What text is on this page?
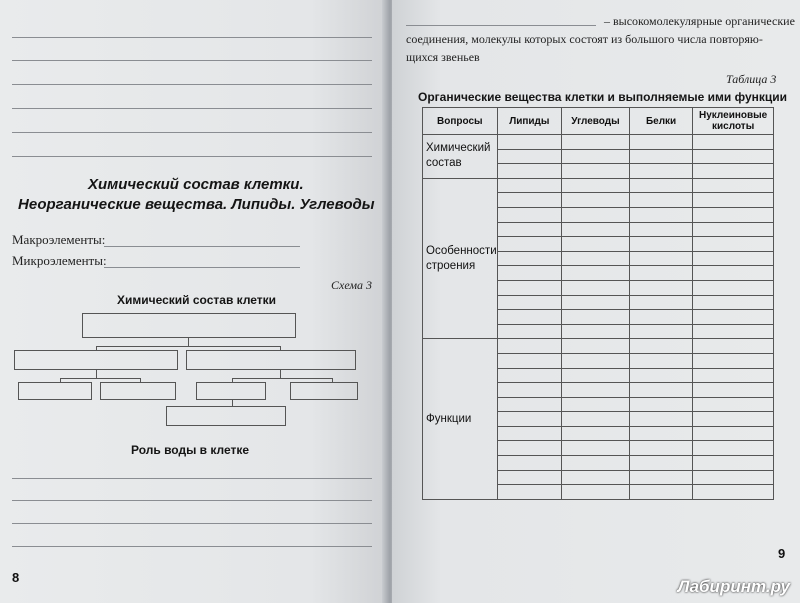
Химический состав клетки.
Неорганические вещества. Липиды. Углеводы
Макроэлементы:
Микроэлементы:
Схема 3
Химический состав клетки
Роль воды в клетке
8
– высокомолекулярные органические
соединения, молекулы которых состоят из большого числа повторяю-
щихся звеньев
Таблица 3
Органические вещества клетки и выполняемые ими функции
Вопросы	Липиды	Углеводы	Белки	Нуклеиновые кислоты
Химический состав				

Особенности строения				

Функции				

9
Лабиринт.ру
